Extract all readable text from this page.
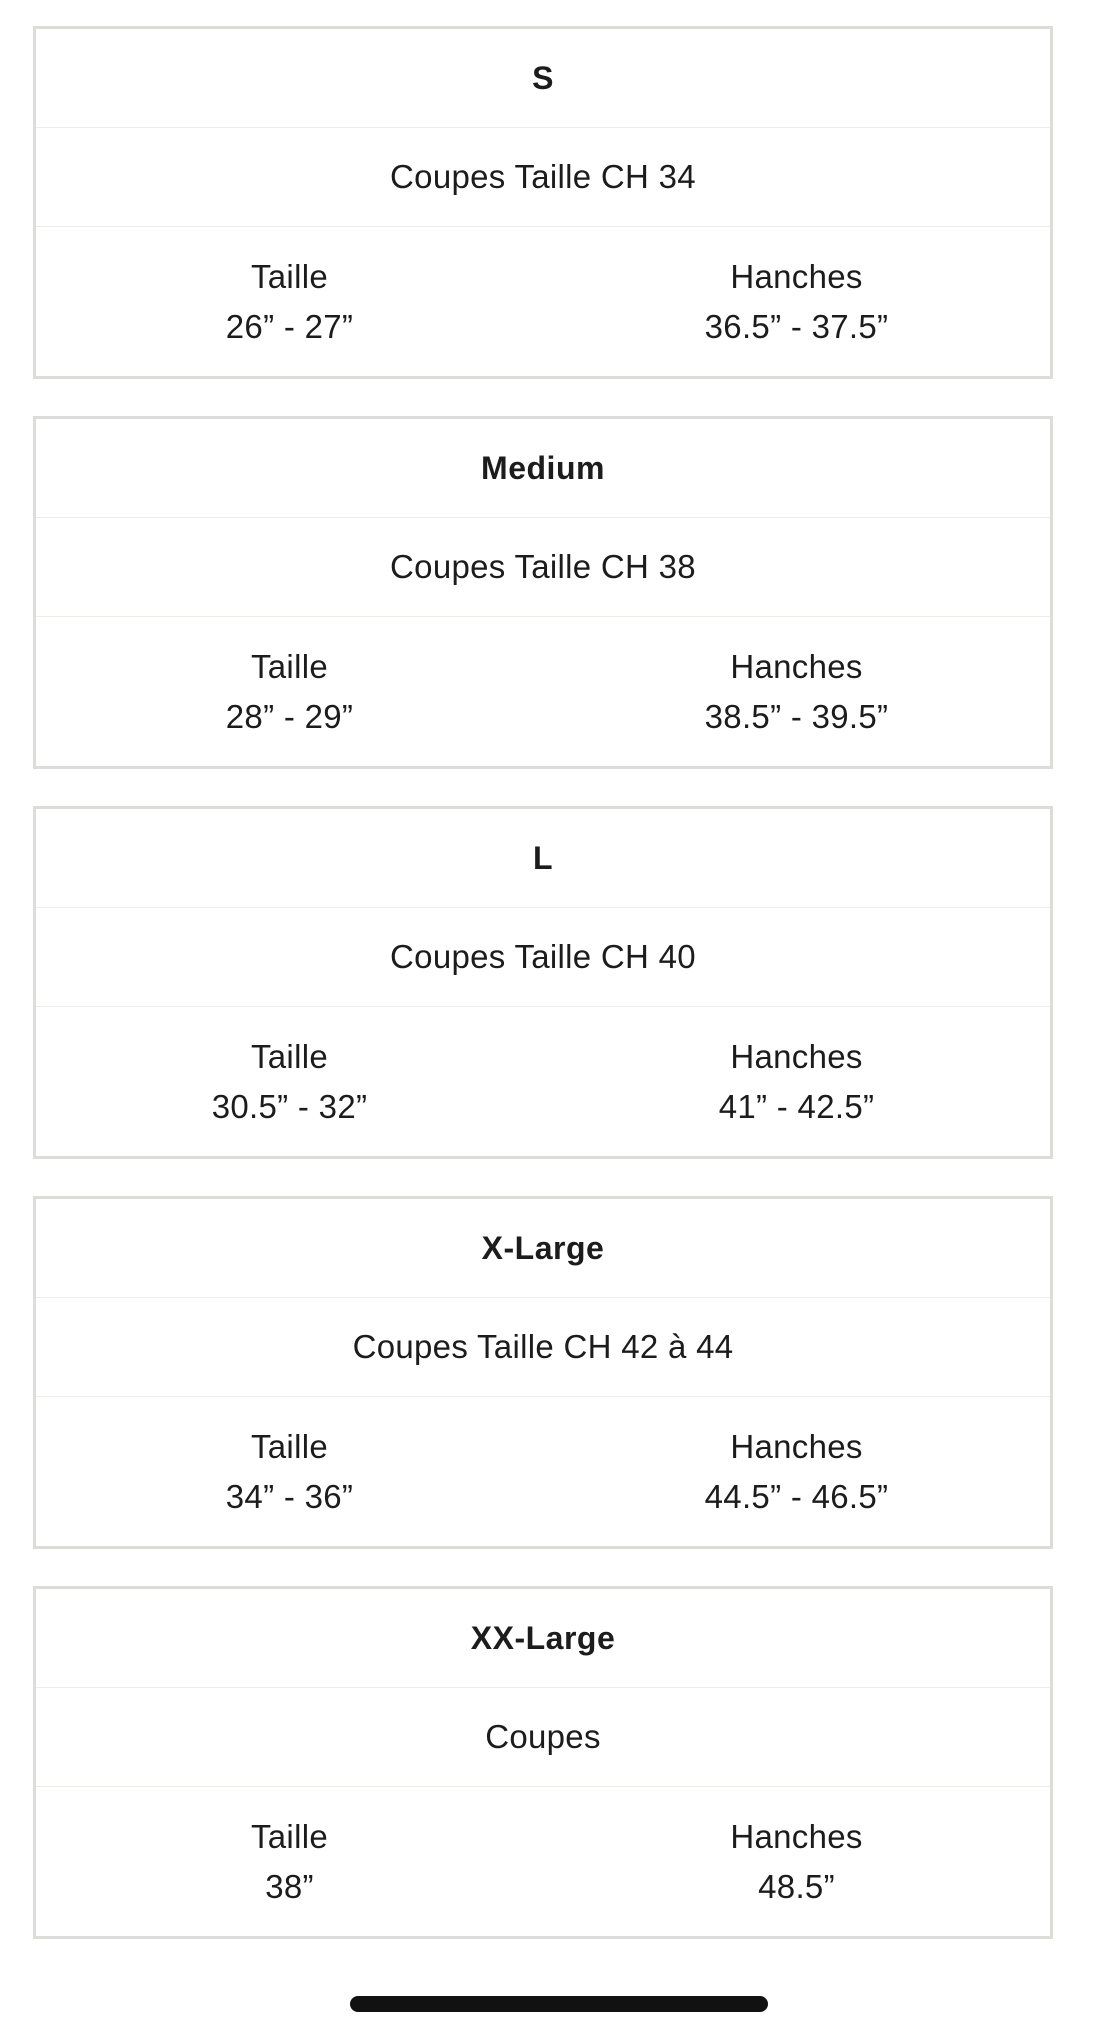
S
Coupes Taille CH 34
Taille
26” - 27”
Hanches
36.5” - 37.5”
Medium
Coupes Taille CH 38
Taille
28” - 29”
Hanches
38.5” - 39.5”
L
Coupes Taille CH 40
Taille
30.5” - 32”
Hanches
41” - 42.5”
X-Large
Coupes Taille CH 42 à 44
Taille
34” - 36”
Hanches
44.5” - 46.5”
XX-Large
Coupes
Taille
38”
Hanches
48.5”
